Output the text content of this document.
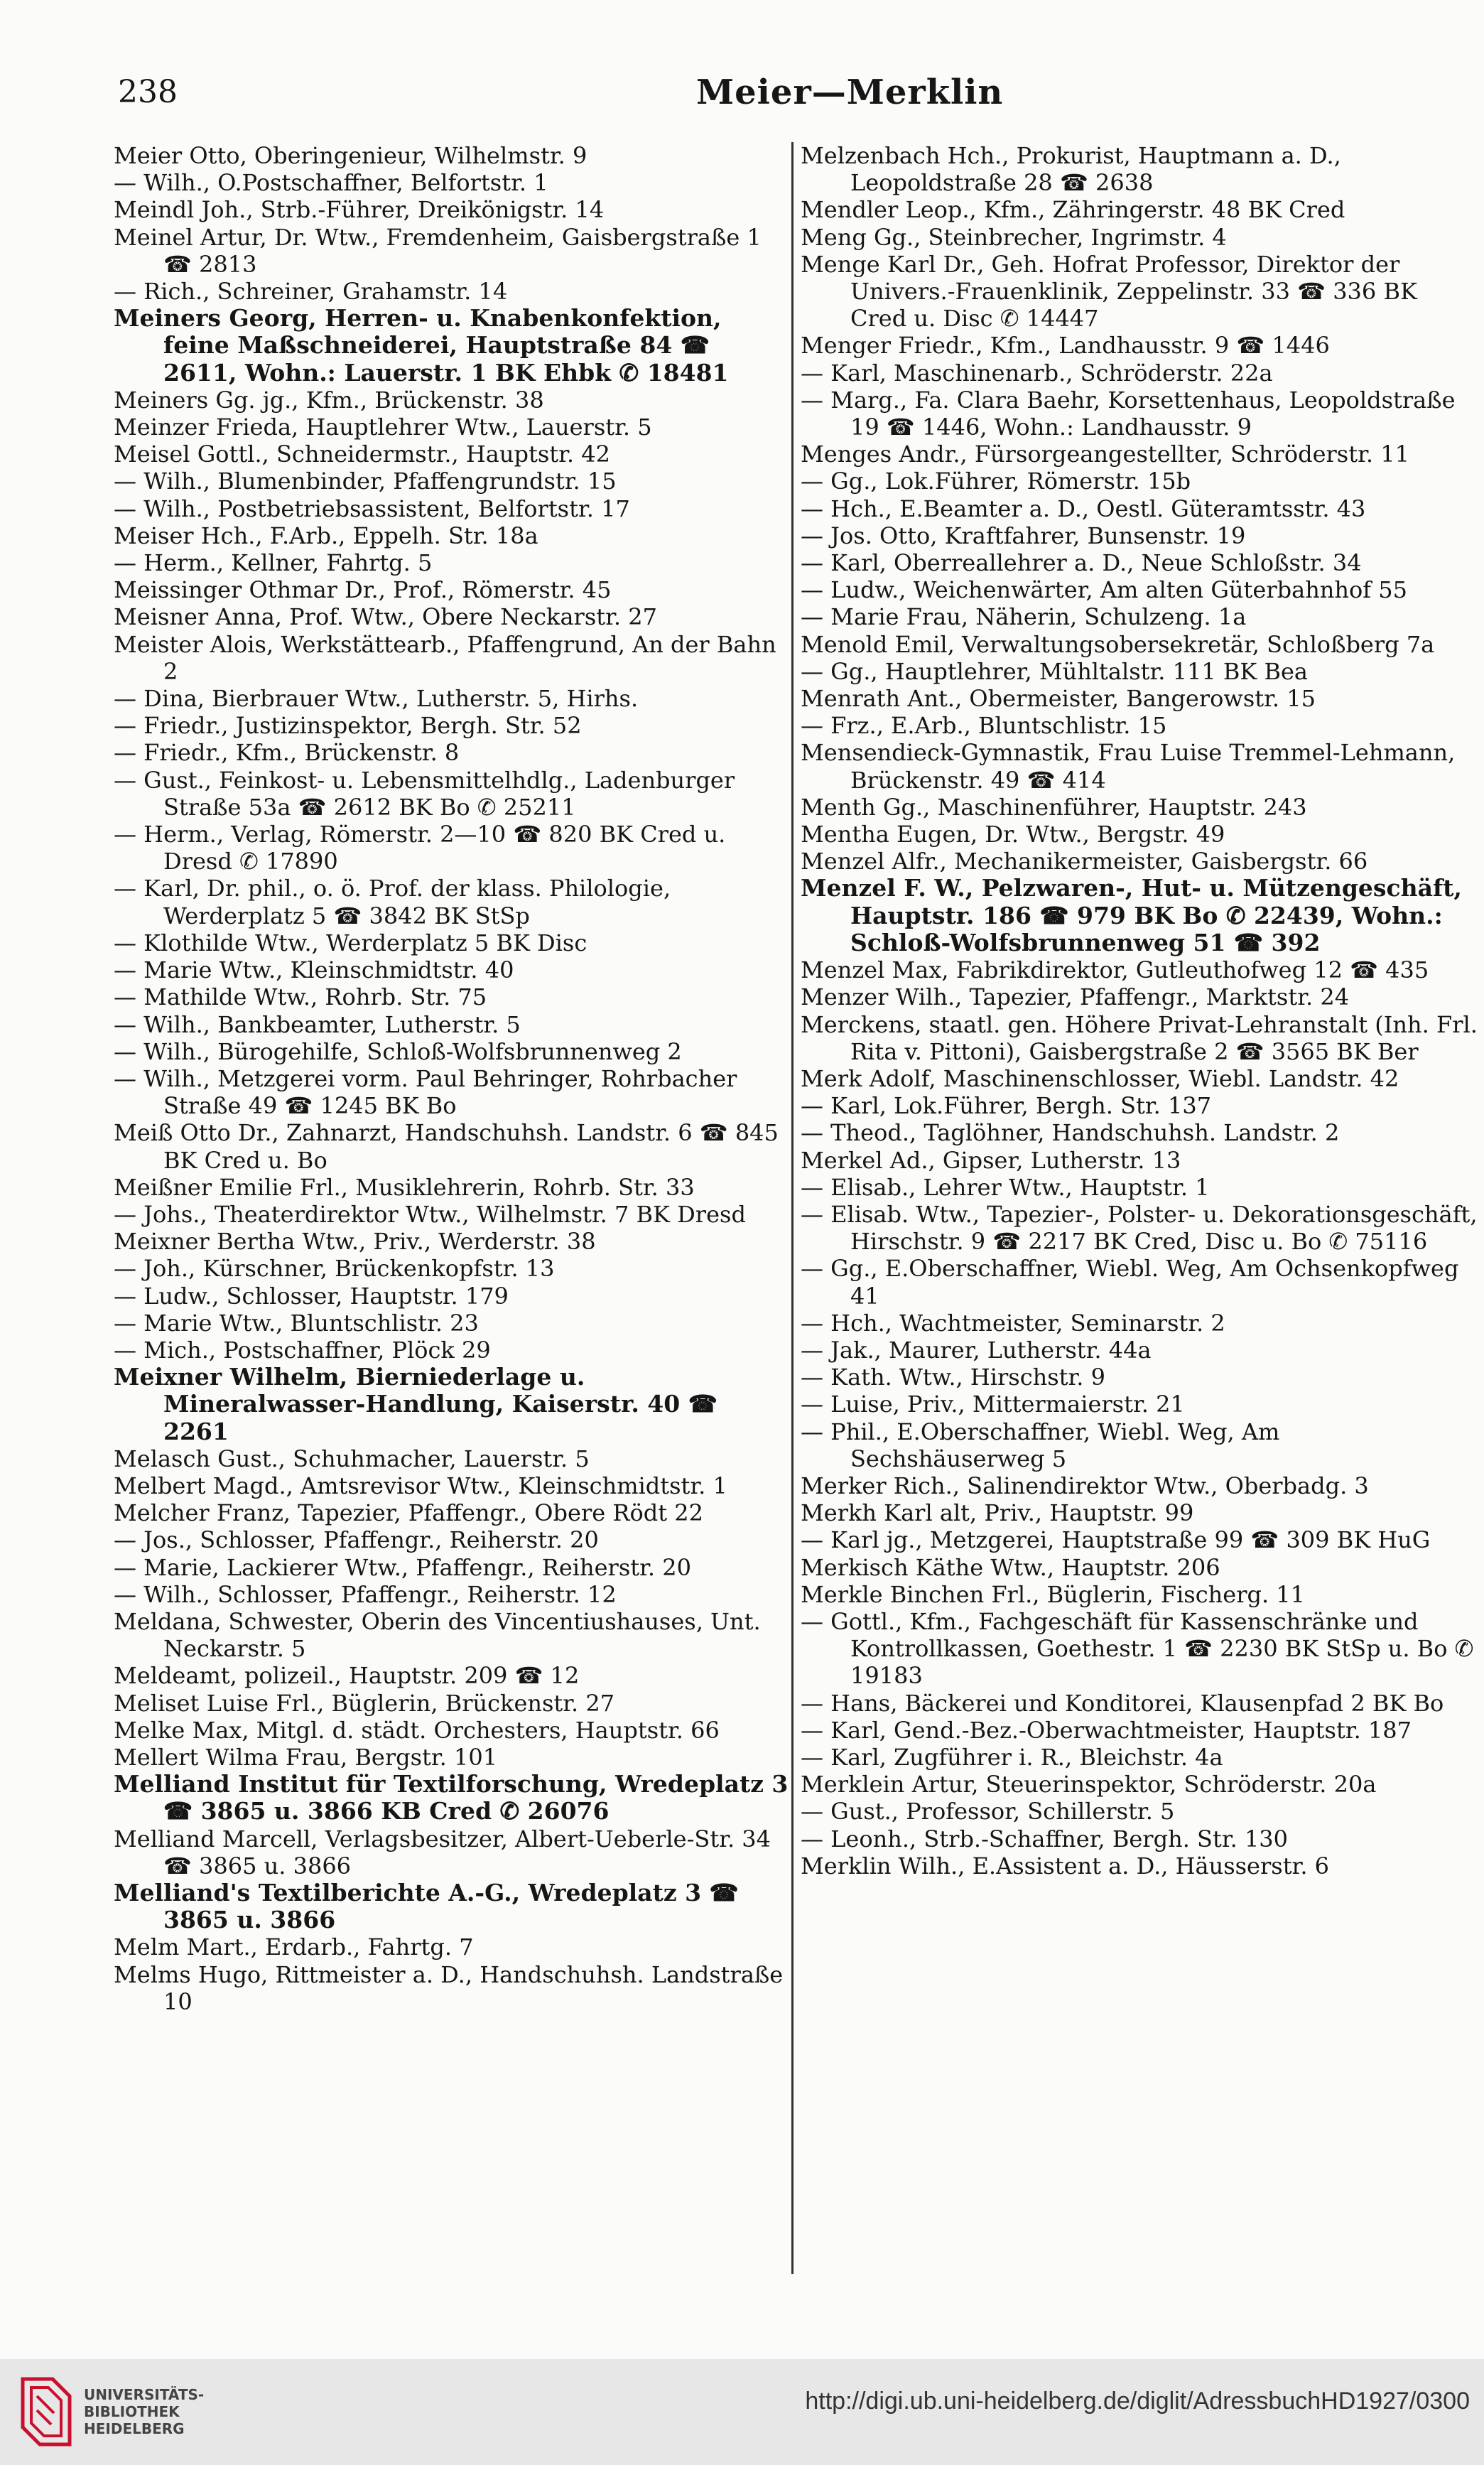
238	Meier—Merklin
Meier Otto, Oberingenieur, Wilhelmstr. 9
— Wilh., O.Postschaffner, Belfortstr. 1
Meindl Joh., Strb.-Führer, Dreikönigstr. 14
Meinel Artur, Dr. Wtw., Fremdenheim, Gaisbergstraße 1 ☎ 2813
— Rich., Schreiner, Grahamstr. 14
Meiners Georg, Herren- u. Knabenkonfektion, feine Maßschneiderei, Hauptstraße 84 ☎ 2611, Wohn.: Lauerstr. 1 BK Ehbk ✆ 18481
Meiners Gg. jg., Kfm., Brückenstr. 38
Meinzer Frieda, Hauptlehrer Wtw., Lauerstr. 5
Meisel Gottl., Schneidermstr., Hauptstr. 42
— Wilh., Blumenbinder, Pfaffengrundstr. 15
— Wilh., Postbetriebsassistent, Belfortstr. 17
Meiser Hch., F.Arb., Eppelh. Str. 18a
— Herm., Kellner, Fahrtg. 5
Meissinger Othmar Dr., Prof., Römerstr. 45
Meisner Anna, Prof. Wtw., Obere Neckarstr. 27
Meister Alois, Werkstättearb., Pfaffengrund, An der Bahn 2
— Dina, Bierbrauer Wtw., Lutherstr. 5, Hirhs.
— Friedr., Justizinspektor, Bergh. Str. 52
— Friedr., Kfm., Brückenstr. 8
— Gust., Feinkost- u. Lebensmittelhdlg., Ladenburger Straße 53a ☎ 2612 BK Bo ✆ 25211
— Herm., Verlag, Römerstr. 2—10 ☎ 820 BK Cred u. Dresd ✆ 17890
— Karl, Dr. phil., o. ö. Prof. der klass. Philologie, Werderplatz 5 ☎ 3842 BK StSp
— Klothilde Wtw., Werderplatz 5 BK Disc
— Marie Wtw., Kleinschmidtstr. 40
— Mathilde Wtw., Rohrb. Str. 75
— Wilh., Bankbeamter, Lutherstr. 5
— Wilh., Bürogehilfe, Schloß-Wolfsbrunnenweg 2
— Wilh., Metzgerei vorm. Paul Behringer, Rohrbacher Straße 49 ☎ 1245 BK Bo
Meiß Otto Dr., Zahnarzt, Handschuhsh. Landstr. 6 ☎ 845 BK Cred u. Bo
Meißner Emilie Frl., Musiklehrerin, Rohrb. Str. 33
— Johs., Theaterdirektor Wtw., Wilhelmstr. 7 BK Dresd
Meixner Bertha Wtw., Priv., Werderstr. 38
— Joh., Kürschner, Brückenkopfstr. 13
— Ludw., Schlosser, Hauptstr. 179
— Marie Wtw., Bluntschlistr. 23
— Mich., Postschaffner, Plöck 29
Meixner Wilhelm, Bierniederlage u. Mineralwasser-Handlung, Kaiserstr. 40 ☎ 2261
Melasch Gust., Schuhmacher, Lauerstr. 5
Melbert Magd., Amtsrevisor Wtw., Kleinschmidtstr. 1
Melcher Franz, Tapezier, Pfaffengr., Obere Rödt 22
— Jos., Schlosser, Pfaffengr., Reiherstr. 20
— Marie, Lackierer Wtw., Pfaffengr., Reiherstr. 20
— Wilh., Schlosser, Pfaffengr., Reiherstr. 12
Meldana, Schwester, Oberin des Vincentiushauses, Unt. Neckarstr. 5
Meldeamt, polizeil., Hauptstr. 209 ☎ 12
Meliset Luise Frl., Büglerin, Brückenstr. 27
Melke Max, Mitgl. d. städt. Orchesters, Hauptstr. 66
Mellert Wilma Frau, Bergstr. 101
Melliand Institut für Textilforschung, Wredeplatz 3 ☎ 3865 u. 3866 KB Cred ✆ 26076
Melliand Marcell, Verlagsbesitzer, Albert-Ueberle-Str. 34 ☎ 3865 u. 3866
Melliand's Textilberichte A.-G., Wredeplatz 3 ☎ 3865 u. 3866
Melm Mart., Erdarb., Fahrtg. 7
Melms Hugo, Rittmeister a. D., Handschuhsh. Landstraße 10
Melzenbach Hch., Prokurist, Hauptmann a. D., Leopoldstraße 28 ☎ 2638
Mendler Leop., Kfm., Zähringerstr. 48 BK Cred
Meng Gg., Steinbrecher, Ingrimstr. 4
Menge Karl Dr., Geh. Hofrat Professor, Direktor der Univers.-Frauenklinik, Zeppelinstr. 33 ☎ 336 BK Cred u. Disc ✆ 14447
Menger Friedr., Kfm., Landhausstr. 9 ☎ 1446
— Karl, Maschinenarb., Schröderstr. 22a
— Marg., Fa. Clara Baehr, Korsettenhaus, Leopoldstraße 19 ☎ 1446, Wohn.: Landhausstr. 9
Menges Andr., Fürsorgeangestellter, Schröderstr. 11
— Gg., Lok.Führer, Römerstr. 15b
— Hch., E.Beamter a. D., Oestl. Güteramtsstr. 43
— Jos. Otto, Kraftfahrer, Bunsenstr. 19
— Karl, Oberreallehrer a. D., Neue Schloßstr. 34
— Ludw., Weichenwärter, Am alten Güterbahnhof 55
— Marie Frau, Näherin, Schulzeng. 1a
Menold Emil, Verwaltungsobersekretär, Schloßberg 7a
— Gg., Hauptlehrer, Mühltalstr. 111 BK Bea
Menrath Ant., Obermeister, Bangerowstr. 15
— Frz., E.Arb., Bluntschlistr. 15
Mensendieck-Gymnastik, Frau Luise Tremmel-Lehmann, Brückenstr. 49 ☎ 414
Menth Gg., Maschinenführer, Hauptstr. 243
Mentha Eugen, Dr. Wtw., Bergstr. 49
Menzel Alfr., Mechanikermeister, Gaisbergstr. 66
Menzel F. W., Pelzwaren-, Hut- u. Mützengeschäft, Hauptstr. 186 ☎ 979 BK Bo ✆ 22439, Wohn.: Schloß-Wolfsbrunnenweg 51 ☎ 392
Menzel Max, Fabrikdirektor, Gutleuthofweg 12 ☎ 435
Menzer Wilh., Tapezier, Pfaffengr., Marktstr. 24
Merckens, staatl. gen. Höhere Privat-Lehranstalt (Inh. Frl. Rita v. Pittoni), Gaisbergstraße 2 ☎ 3565 BK Ber
Merk Adolf, Maschinenschlosser, Wiebl. Landstr. 42
— Karl, Lok.Führer, Bergh. Str. 137
— Theod., Taglöhner, Handschuhsh. Landstr. 2
Merkel Ad., Gipser, Lutherstr. 13
— Elisab., Lehrer Wtw., Hauptstr. 1
— Elisab. Wtw., Tapezier-, Polster- u. Dekorationsgeschäft, Hirschstr. 9 ☎ 2217 BK Cred, Disc u. Bo ✆ 75116
— Gg., E.Oberschaffner, Wiebl. Weg, Am Ochsenkopfweg 41
— Hch., Wachtmeister, Seminarstr. 2
— Jak., Maurer, Lutherstr. 44a
— Kath. Wtw., Hirschstr. 9
— Luise, Priv., Mittermaierstr. 21
— Phil., E.Oberschaffner, Wiebl. Weg, Am Sechshäuserweg 5
Merker Rich., Salinendirektor Wtw., Oberbadg. 3
Merkh Karl alt, Priv., Hauptstr. 99
— Karl jg., Metzgerei, Hauptstraße 99 ☎ 309 BK HuG
Merkisch Käthe Wtw., Hauptstr. 206
Merkle Binchen Frl., Büglerin, Fischerg. 11
— Gottl., Kfm., Fachgeschäft für Kassenschränke und Kontrollkassen, Goethestr. 1 ☎ 2230 BK StSp u. Bo ✆ 19183
— Hans, Bäckerei und Konditorei, Klausenpfad 2 BK Bo
— Karl, Gend.-Bez.-Oberwachtmeister, Hauptstr. 187
— Karl, Zugführer i. R., Bleichstr. 4a
Merklein Artur, Steuerinspektor, Schröderstr. 20a
— Gust., Professor, Schillerstr. 5
— Leonh., Strb.-Schaffner, Bergh. Str. 130
Merklin Wilh., E.Assistent a. D., Häusserstr. 6
UNIVERSITÄTS-
BIBLIOTHEK
HEIDELBERG
http://digi.ub.uni-heidelberg.de/diglit/AdressbuchHD1927/0300
